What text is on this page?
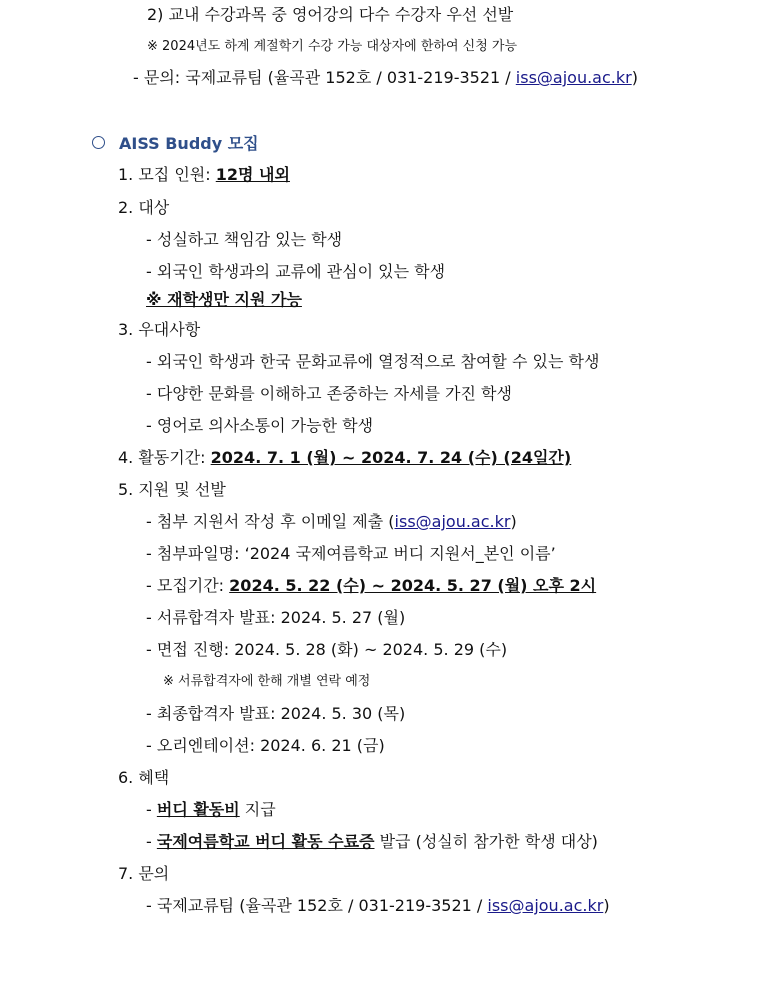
2) 교내 수강과목 중 영어강의 다수 수강자 우선 선발
※ 2024년도 하계 계절학기 수강 가능 대상자에 한하여 신청 가능
- 문의: 국제교류팀 (율곡관 152호 / 031-219-3521 / iss@ajou.ac.kr)
AISS Buddy 모집
1. 모집 인원: 12명 내외
2. 대상
- 성실하고 책임감 있는 학생
- 외국인 학생과의 교류에 관심이 있는 학생
※ 재학생만 지원 가능
3. 우대사항
- 외국인 학생과 한국 문화교류에 열정적으로 참여할 수 있는 학생
- 다양한 문화를 이해하고 존중하는 자세를 가진 학생
- 영어로 의사소통이 가능한 학생
4. 활동기간: 2024. 7. 1 (월) ~ 2024. 7. 24 (수) (24일간)
5. 지원 및 선발
- 첨부 지원서 작성 후 이메일 제출 (iss@ajou.ac.kr)
- 첨부파일명: ‘2024 국제여름학교 버디 지원서_본인 이름’
- 모집기간: 2024. 5. 22 (수) ~ 2024. 5. 27 (월) 오후 2시
- 서류합격자 발표: 2024. 5. 27 (월)
- 면접 진행: 2024. 5. 28 (화) ~ 2024. 5. 29 (수)
※ 서류합격자에 한해 개별 연락 예정
- 최종합격자 발표: 2024. 5. 30 (목)
- 오리엔테이션: 2024. 6. 21 (금)
6. 혜택
- 버디 활동비 지급
- 국제여름학교 버디 활동 수료증 발급 (성실히 참가한 학생 대상)
7. 문의
- 국제교류팀 (율곡관 152호 / 031-219-3521 / iss@ajou.ac.kr)
